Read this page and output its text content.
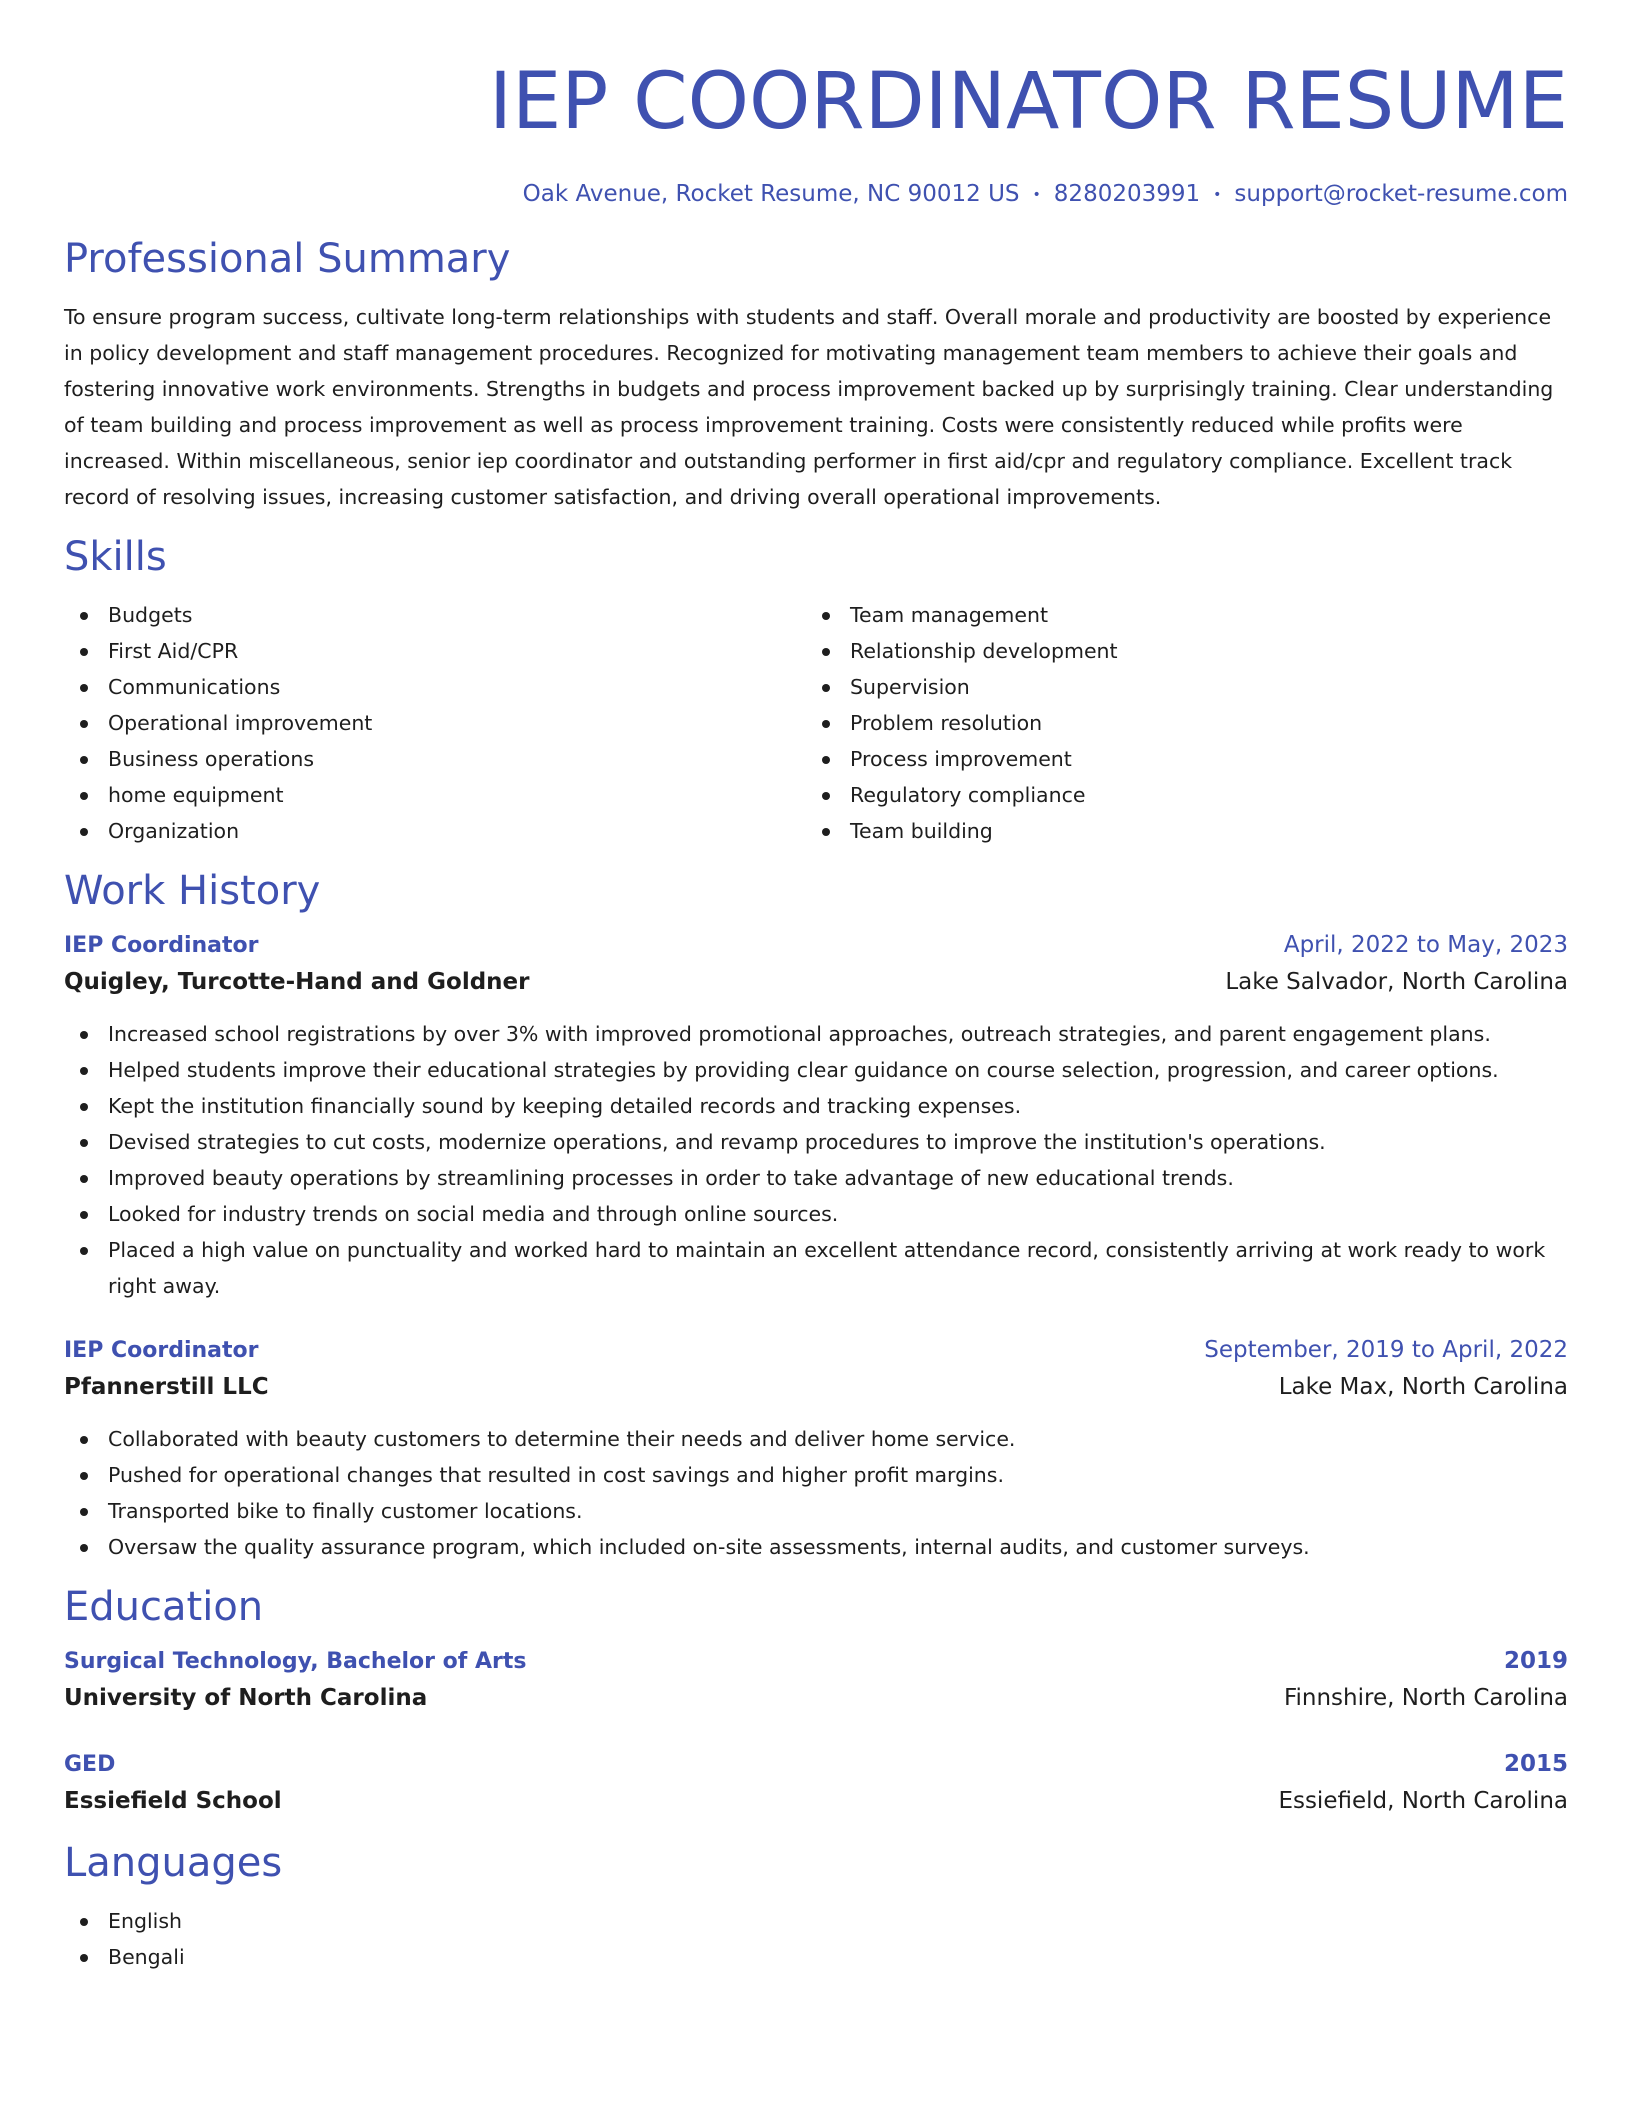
IEP COORDINATOR RESUME
Oak Avenue, Rocket Resume, NC 90012 US • 8280203991 • support@rocket-resume.com
Professional Summary

To ensure program success, cultivate long-term relationships with students and staff. Overall morale and productivity are boosted by experience in policy development and staff management procedures. Recognized for motivating management team members to achieve their goals and fostering innovative work environments. Strengths in budgets and process improvement backed up by surprisingly training. Clear understanding of team building and process improvement as well as process improvement training. Costs were consistently reduced while profits were increased. Within miscellaneous, senior iep coordinator and outstanding performer in first aid/cpr and regulatory compliance. Excellent track record of resolving issues, increasing customer satisfaction, and driving overall operational improvements.

Skills
Budgets
First Aid/CPR
Communications
Operational improvement
Business operations
home equipment
Organization
Team management
Relationship development
Supervision
Problem resolution
Process improvement
Regulatory compliance
Team building
Work History
IEP Coordinator	April, 2022 to May, 2023
Quigley, Turcotte-Hand and Goldner	Lake Salvador, North Carolina
Increased school registrations by over 3% with improved promotional approaches, outreach strategies, and parent engagement plans.
Helped students improve their educational strategies by providing clear guidance on course selection, progression, and career options.
Kept the institution financially sound by keeping detailed records and tracking expenses.
Devised strategies to cut costs, modernize operations, and revamp procedures to improve the institution's operations.
Improved beauty operations by streamlining processes in order to take advantage of new educational trends.
Looked for industry trends on social media and through online sources.
Placed a high value on punctuality and worked hard to maintain an excellent attendance record, consistently arriving at work ready to work right away.
IEP Coordinator	September, 2019 to April, 2022
Pfannerstill LLC	Lake Max, North Carolina
Collaborated with beauty customers to determine their needs and deliver home service.
Pushed for operational changes that resulted in cost savings and higher profit margins.
Transported bike to finally customer locations.
Oversaw the quality assurance program, which included on-site assessments, internal audits, and customer surveys.
Education
Surgical Technology, Bachelor of Arts	2019
University of North Carolina	Finnshire, North Carolina
GED	2015
Essiefield School	Essiefield, North Carolina
Languages
English
Bengali
